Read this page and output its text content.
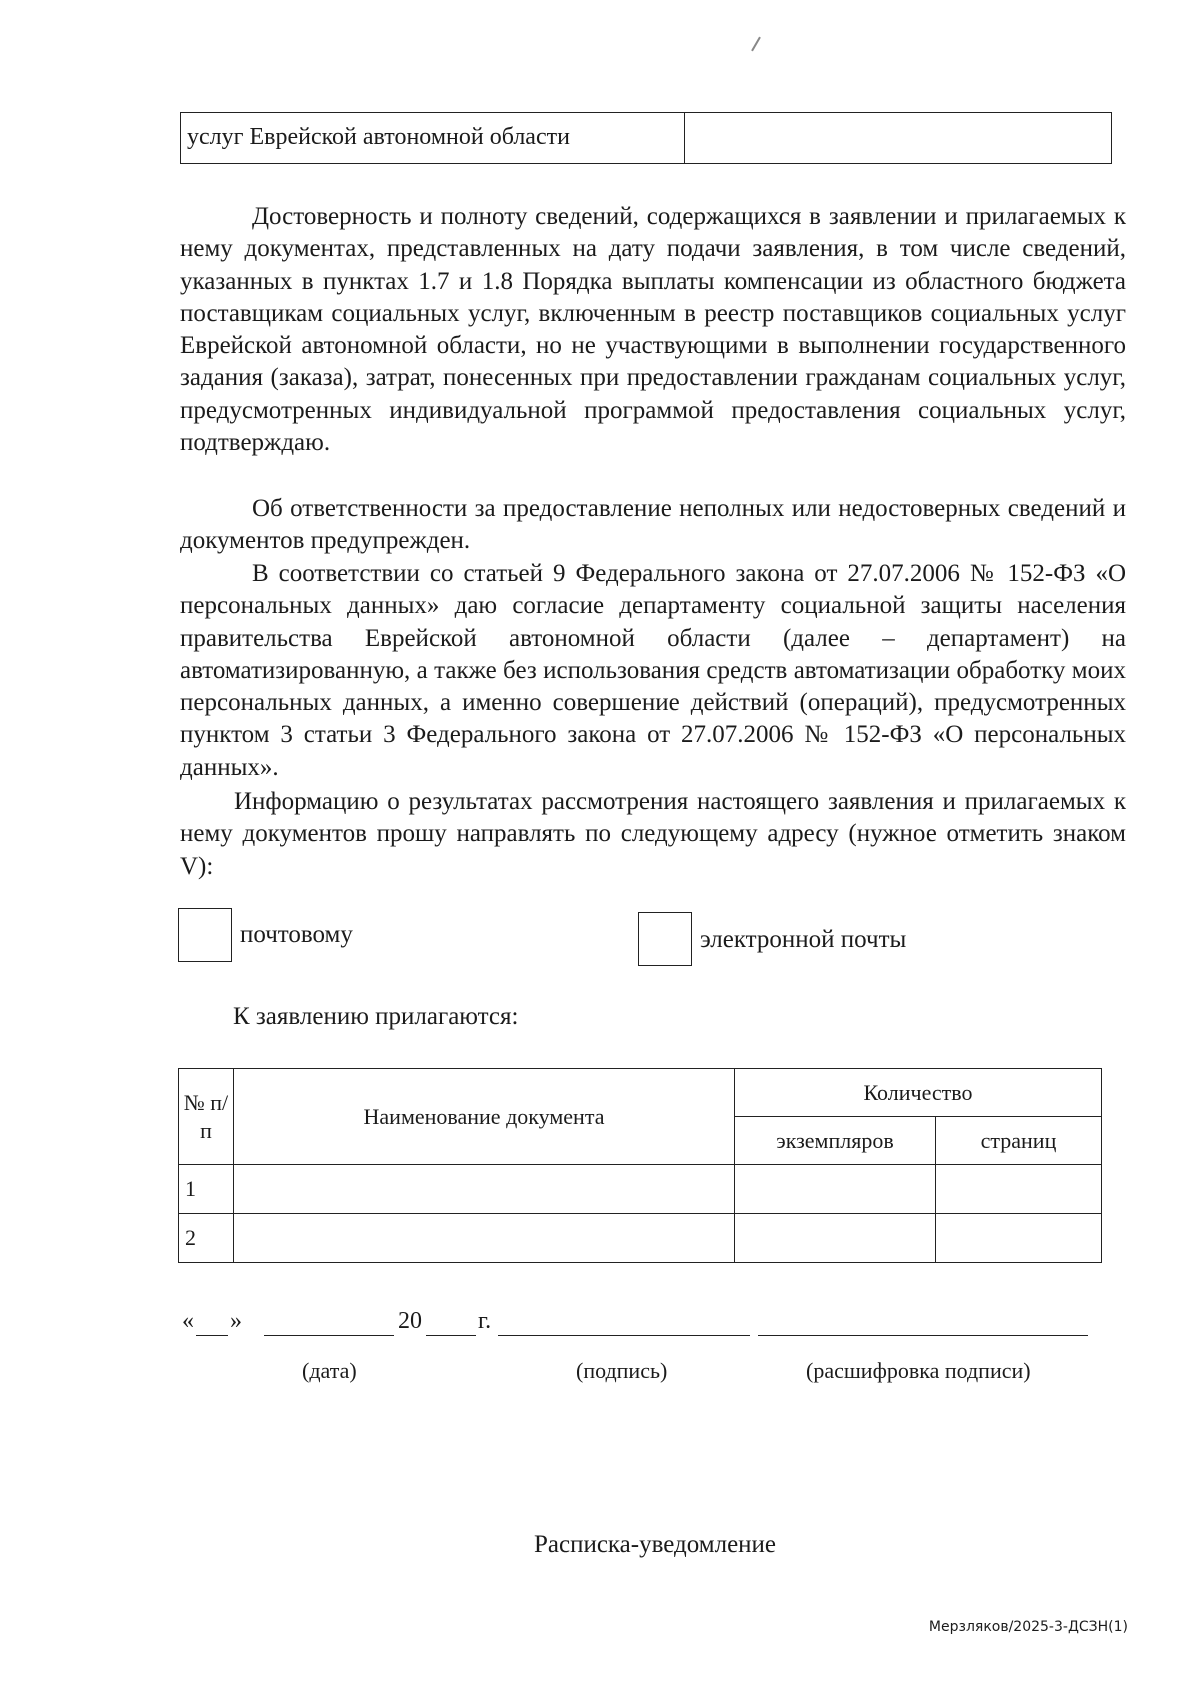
услуг Еврейской автономной области

Достоверность и полноту сведений, содержащихся в заявлении и прилагаемых к нему документах, представленных на дату подачи заявления, в том числе сведений, указанных в пунктах 1.7 и 1.8 Порядка выплаты компенсации из областного бюджета поставщикам социальных услуг, включенным в реестр поставщиков социальных услуг Еврейской автономной области, но не участвующими в выполнении государственного задания (заказа), затрат, понесенных при предоставлении гражданам социальных услуг, предусмотренных индивидуальной программой предоставления социальных услуг, подтверждаю.

Об ответственности за предоставление неполных или недостоверных сведений и документов предупрежден.

В соответствии со статьей 9 Федерального закона от 27.07.2006 № 152-ФЗ «О персональных данных» даю согласие департаменту социальной защиты населения правительства Еврейской автономной области (далее – департамент) на автоматизированную, а также без использования средств автоматизации обработку моих персональных данных, а именно совершение действий (операций), предусмотренных пунктом 3 статьи 3 Федерального закона от 27.07.2006 № 152-ФЗ «О персональных данных».

Информацию о результатах рассмотрения настоящего заявления и прилагаемых к нему документов прошу направлять по следующему адресу (нужное отметить знаком V):

почтовому	электронной почты
К заявлению прилагаются:
№ п/п	Наименование документа	Количество	
		экземпляров	страниц
1			
2			
« »	20 г.
(дата)	(подпись)	(расшифровка подписи)
Расписка-уведомление
Мерзляков/2025-3-ДСЗН(1)
